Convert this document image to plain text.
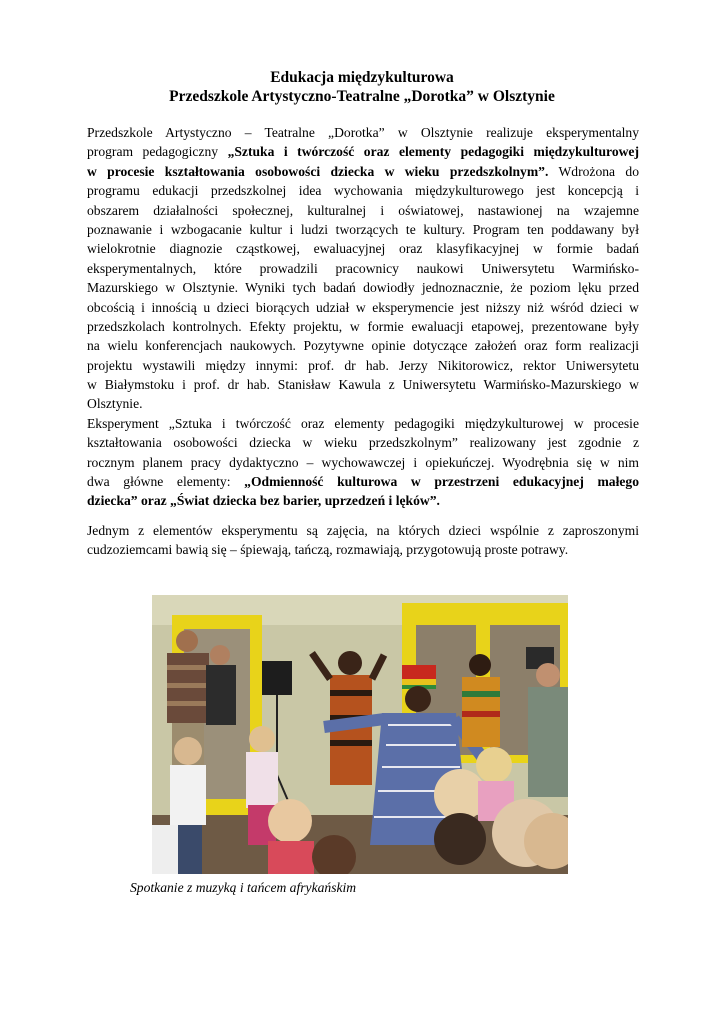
Edukacja międzykulturowa
Przedszkole Artystyczno-Teatralne „Dorotka” w Olsztynie
Przedszkole Artystyczno – Teatralne „Dorotka” w Olsztynie realizuje eksperymentalny
program pedagogiczny „Sztuka i twórczość oraz elementy pedagogiki międzykulturowej
w procesie kształtowania osobowości dziecka w wieku przedszkolnym”. Wdrożona do
programu edukacji przedszkolnej idea wychowania międzykulturowego jest koncepcją i
obszarem działalności społecznej, kulturalnej i oświatowej, nastawionej na wzajemne
poznawanie i wzbogacanie kultur i ludzi tworzących te kultury. Program ten poddawany był
wielokrotnie diagnozie cząstkowej, ewaluacyjnej oraz klasyfikacyjnej w formie badań
eksperymentalnych, które prowadzili pracownicy naukowi Uniwersytetu Warmińsko-
Mazurskiego w Olsztynie. Wyniki tych badań dowiodły jednoznacznie, że poziom lęku przed
obcością i innością u dzieci biorących udział w eksperymencie jest niższy niż wśród dzieci w
przedszkolach kontrolnych. Efekty projektu, w formie ewaluacji etapowej, prezentowane były
na wielu konferencjach naukowych. Pozytywne opinie dotyczące założeń oraz form realizacji
projektu wystawili między innymi: prof. dr hab. Jerzy Nikitorowicz, rektor Uniwersytetu
w Białymstoku i prof. dr hab. Stanisław Kawula z Uniwersytetu Warmińsko-Mazurskiego w
Olsztynie.
Eksperyment „Sztuka i twórczość oraz elementy pedagogiki międzykulturowej w procesie
kształtowania osobowości dziecka w wieku przedszkolnym” realizowany jest zgodnie z
rocznym planem pracy dydaktyczno – wychowawczej i opiekuńczej. Wyodrębnia się w nim
dwa główne elementy: „Odmienność kulturowa w przestrzeni edukacyjnej małego
dziecka” oraz „Świat dziecka bez barier, uprzedzeń i lęków”.
Jednym z elementów eksperymentu są zajęcia, na których dzieci wspólnie z zaproszonymi
cudzoziemcami bawią się – śpiewają, tańczą, rozmawiają, przygotowują proste potrawy.
Spotkanie z muzyką i tańcem afrykańskim
